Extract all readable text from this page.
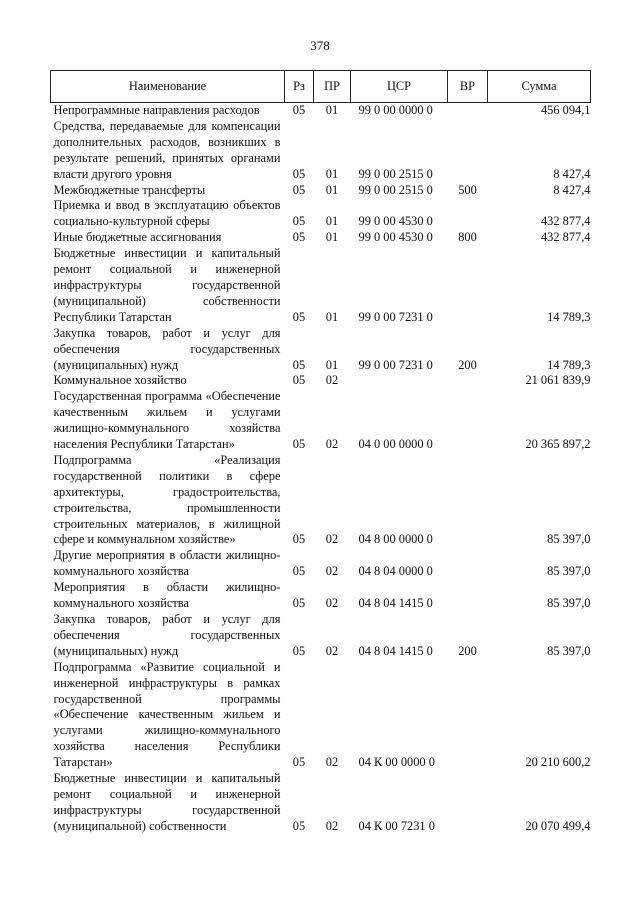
378
Наименование	Рз	ПР	ЦСР	ВР	Сумма
Непрограммные направления расходов	05	01	99 0 00 0000 0		456 094,1
Средства, передаваемые для компенсации дополнительных расходов, возникших в результате решений, принятых органами власти другого уровня	05	01	99 0 00 2515 0		8 427,4
Межбюджетные трансферты	05	01	99 0 00 2515 0	500	8 427,4
Приемка и ввод в эксплуатацию объектов социально-культурной сферы	05	01	99 0 00 4530 0		432 877,4
Иные бюджетные ассигнования	05	01	99 0 00 4530 0	800	432 877,4
Бюджетные инвестиции и капитальный ремонт социальной и инженерной инфраструктуры государственной (муниципальной) собственности Республики Татарстан	05	01	99 0 00 7231 0		14 789,3
Закупка товаров, работ и услуг для обеспечения государственных (муниципальных) нужд	05	01	99 0 00 7231 0	200	14 789,3
Коммунальное хозяйство	05	02			21 061 839,9
Государственная программа «Обеспечение качественным жильем и услугами жилищно-коммунального хозяйства населения Республики Татарстан»	05	02	04 0 00 0000 0		20 365 897,2
Подпрограмма «Реализация государственной политики в сфере архитектуры, градостроительства, строительства, промышленности строительных материалов, в жилищной сфере и коммунальном хозяйстве»	05	02	04 8 00 0000 0		85 397,0
Другие мероприятия в области жилищно-коммунального хозяйства	05	02	04 8 04 0000 0		85 397,0
Мероприятия в области жилищно-коммунального хозяйства	05	02	04 8 04 1415 0		85 397,0
Закупка товаров, работ и услуг для обеспечения государственных (муниципальных) нужд	05	02	04 8 04 1415 0	200	85 397,0
Подпрограмма «Развитие социальной и инженерной инфраструктуры в рамках государственной программы «Обеспечение качественным жильем и услугами жилищно-коммунального хозяйства населения Республики Татарстан»	05	02	04 К 00 0000 0		20 210 600,2
Бюджетные инвестиции и капитальный ремонт социальной и инженерной инфраструктуры государственной (муниципальной) собственности	05	02	04 К 00 7231 0		20 070 499,4
